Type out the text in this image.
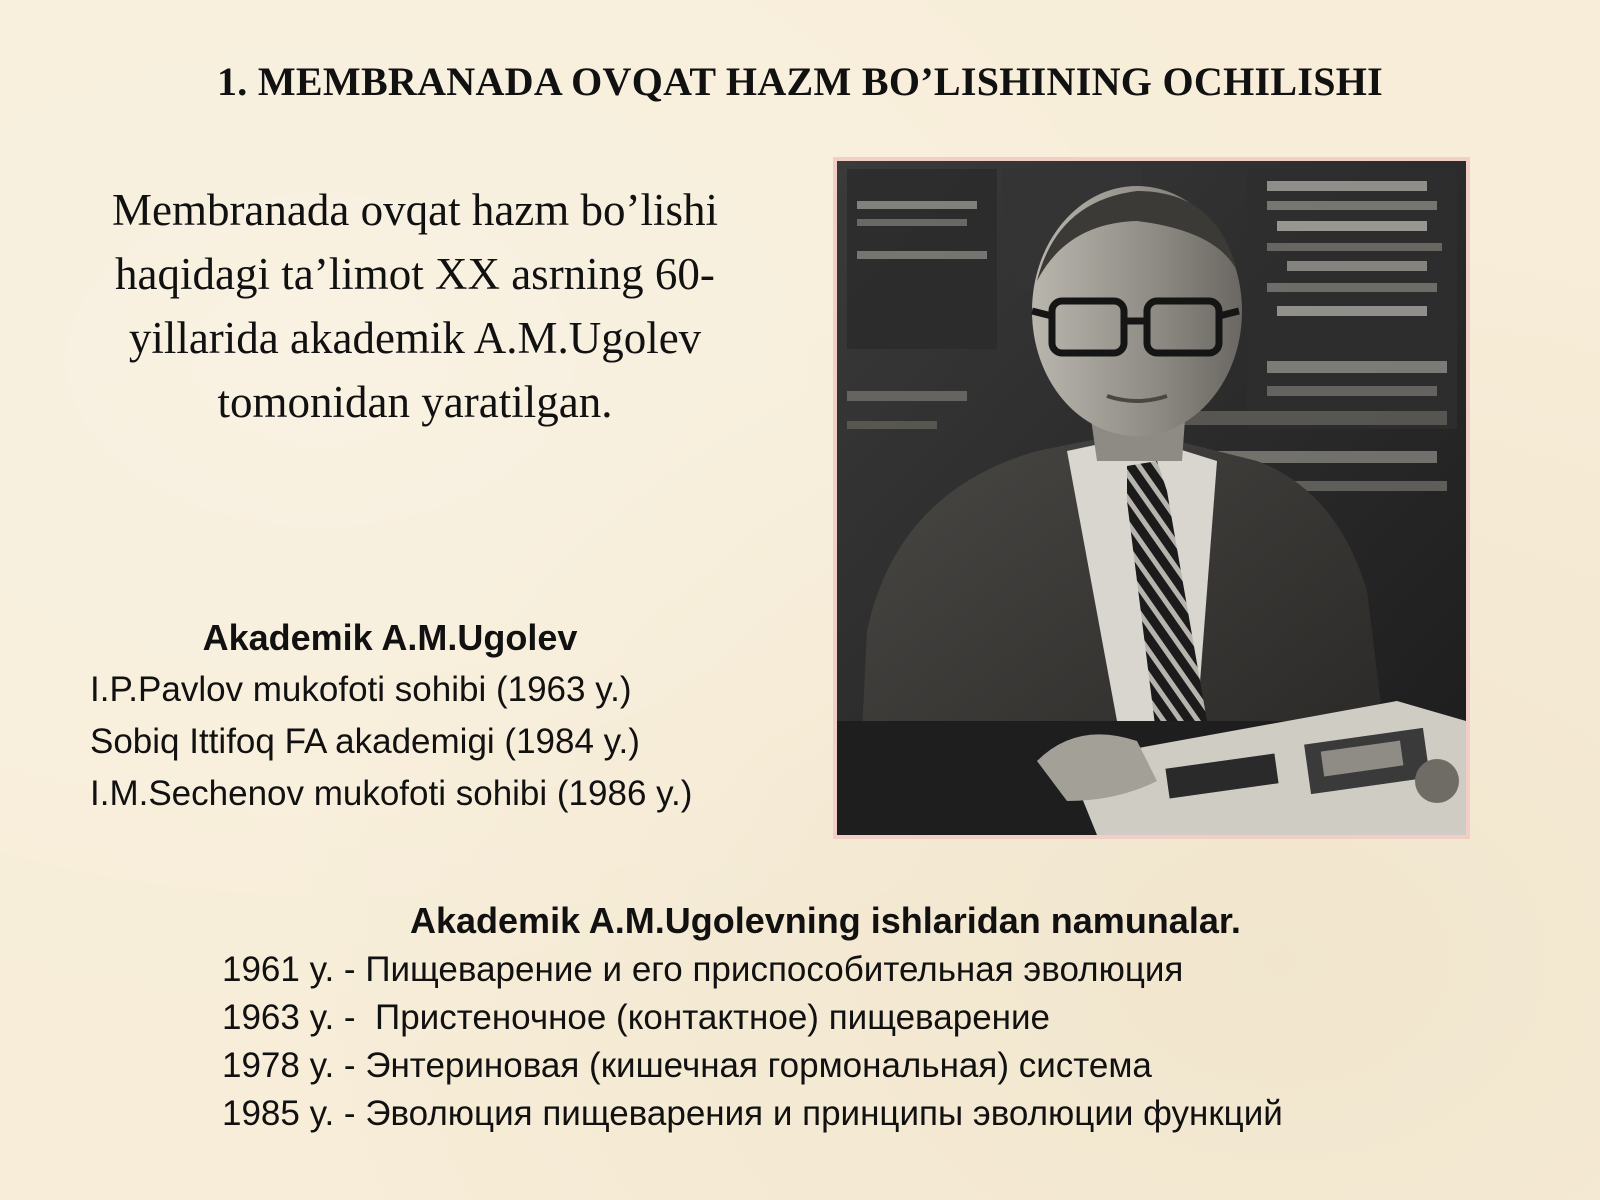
1. MEMBRANADA OVQAT HAZM BO’LISHINING OCHILISHI
Membranada ovqat hazm bo’lishi
haqidagi ta’limot XX asrning 60-
yillarida akademik A.M.Ugolev
tomonidan yaratilgan.
Akademik A.M.Ugolev
I.P.Pavlov mukofoti sohibi (1963 y.)
Sobiq Ittifoq FA akademigi (1984 y.)
I.M.Sechenov mukofoti sohibi (1986 y.)
Akademik A.M.Ugolevning ishlaridan namunalar.
1961 y. - Пищеварение и его приспособительная эволюция
1963 y. -  Пристеночное (контактное) пищеварение
1978 y. - Энтериновая (кишечная гормональная) система
1985 y. - Эволюция пищеварения и принципы эволюции функций
